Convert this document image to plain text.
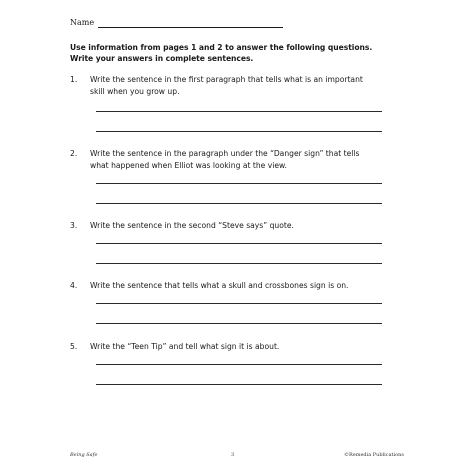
Name
Use information from pages 1 and 2 to answer the following questions.
Write your answers in complete sentences.
1.	Write the sentence in the first paragraph that tells what is an important
skill when you grow up.
2.	Write the sentence in the paragraph under the “Danger sign” that tells
what happened when Elliot was looking at the view.
3.	Write the sentence in the second “Steve says” quote.
4.	Write the sentence that tells what a skull and crossbones sign is on.
5.	Write the “Teen Tip” and tell what sign it is about.
Being Safe	3	©Remedia Publications
